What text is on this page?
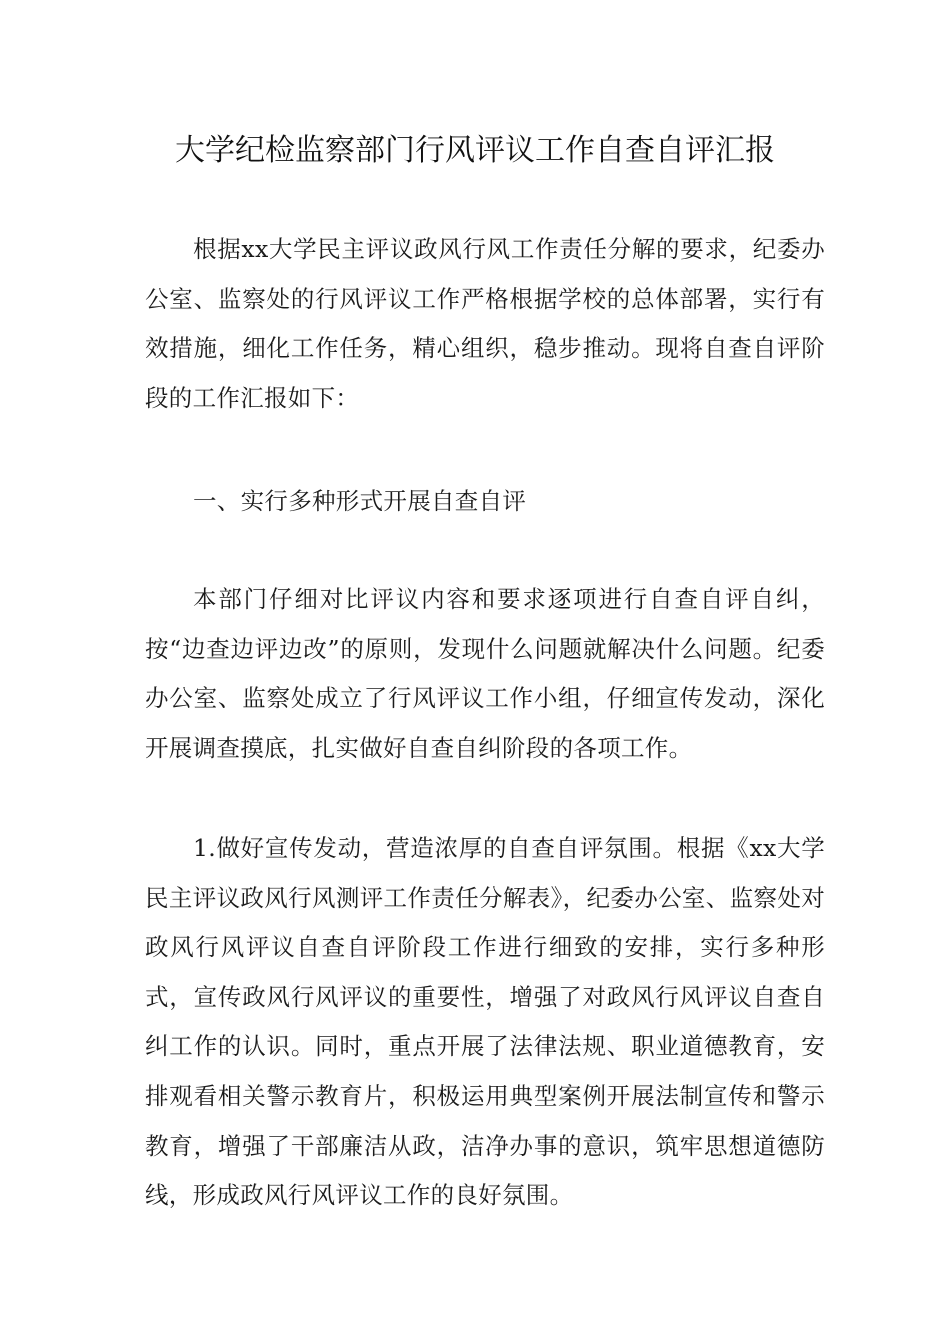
大学纪检监察部门行风评议工作自查自评汇报

根据xx大学民主评议政风行风工作责任分解的要求，纪委办公室、监察处的行风评议工作严格根据学校的总体部署，实行有效措施，细化工作任务，精心组织，稳步推动。现将自查自评阶段的工作汇报如下：

一、实行多种形式开展自查自评

本部门仔细对比评议内容和要求逐项进行自查自评自纠，按“边查边评边改”的原则，发现什么问题就解决什么问题。纪委办公室、监察处成立了行风评议工作小组，仔细宣传发动，深化开展调查摸底，扎实做好自查自纠阶段的各项工作。

1.做好宣传发动，营造浓厚的自查自评氛围。根据《xx大学民主评议政风行风测评工作责任分解表》，纪委办公室、监察处对政风行风评议自查自评阶段工作进行细致的安排，实行多种形式，宣传政风行风评议的重要性，增强了对政风行风评议自查自纠工作的认识。同时，重点开展了法律法规、职业道德教育，安排观看相关警示教育片，积极运用典型案例开展法制宣传和警示教育，增强了干部廉洁从政，洁净办事的意识，筑牢思想道德防线，形成政风行风评议工作的良好氛围。
